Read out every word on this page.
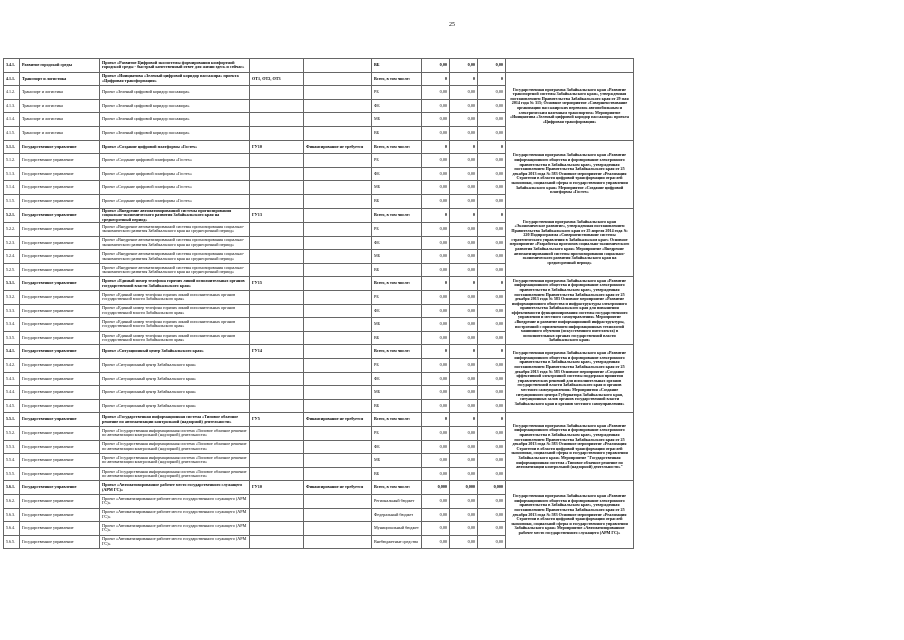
25
3.4.1.	Развитие городской среды	Проект «Развитие Цифровой экосистемы формирования комфортной городской среды - быстрый качественный ответ для жизни здесь и сейчас»			ВБ	0,00	0,00	0,00	
4.1.1.	Транспорт и логистика	Проект «Инициатива «Зеленый цифровой коридор пассажира» проекта «Цифровая трансформация»	ОТ1, ОТ2, ОТ3		Всего, в том числе:	0	0	0	Государственная программа Забайкальского края «Развитие транспортной системы Забайкальского края», утвержденная постановлением Правительства Забайкальского края от 29 мая 2014 года № 315; Основное мероприятие «Совершенствование организации пассажирских перевозок автомобильным и электрическим наземным транспортом» Мероприятие «Инициатива «Зеленый цифровой коридор пассажира» проекта «Цифровая трансформация»
4.1.2.	Транспорт и логистика	Проект «Зеленый цифровой коридор пассажира»			РБ	0,00	0,00	0,00	
4.1.3.	Транспорт и логистика	Проект «Зеленый цифровой коридор пассажира»			ФБ	0,00	0,00	0,00	
4.1.4.	Транспорт и логистика	Проект «Зеленый цифровой коридор пассажира»			МБ	0,00	0,00	0,00	
4.1.5.	Транспорт и логистика	Проект «Зеленый цифровой коридор пассажира»			ВБ	0,00	0,00	0,00	
5.1.1.	Государственное управление	Проект «Создание цифровой платформы «Гостех»	ГУ10	Финансирование не требуется	Всего, в том числе:	0	0	0	Государственная программа Забайкальского края «Развитие информационного общества и формирование электронного правительства в Забайкальском крае», утвержденная постановлением Правительства Забайкальского края от 25 декабря 2013 года № 583 Основное мероприятие «Реализация Стратегии в области цифровой трансформации отраслей экономики, социальной сферы и государственного управления Забайкальского края» Мероприятие «Создание цифровой платформы «Гостех»
5.1.2.	Государственное управление	Проект «Создание цифровой платформы «Гостех»			РБ	0,00	0,00	0,00	
5.1.3.	Государственное управление	Проект «Создание цифровой платформы «Гостех»			ФБ	0,00	0,00	0,00	
5.1.4.	Государственное управление	Проект «Создание цифровой платформы «Гостех»			МБ	0,00	0,00	0,00	
5.1.5.	Государственное управление	Проект «Создание цифровой платформы «Гостех»			ВБ	0,00	0,00	0,00	
5.2.1.	Государственное управление	Проект «Внедрение автоматизированной системы прогнозирования социально-экономического развития Забайкальского края на среднесрочный период»	ГУ13		Всего, в том числе:	0	0	0	Государственная программа Забайкальского края «Экономическое развитие», утвержденная постановлением Правительства Забайкальского края от 25 апреля 2014 года № 220 Подпрограмма «Совершенствование системы стратегического управления в Забайкальском крае» Основное мероприятие «Разработка прогнозов социально-экономического развития Забайкальского края» Мероприятие «Внедрение автоматизированной системы прогнозирования социально-экономического развития Забайкальского края на среднесрочный период»
5.2.2.	Государственное управление	Проект «Внедрение автоматизированной системы прогнозирования социально-экономического развития Забайкальского края на среднесрочный период»			РБ	0,00	0,00	0,00	
5.2.3.	Государственное управление	Проект «Внедрение автоматизированной системы прогнозирования социально-экономического развития Забайкальского края на среднесрочный период»			ФБ	0,00	0,00	0,00	
5.2.4.	Государственное управление	Проект «Внедрение автоматизированной системы прогнозирования социально-экономического развития Забайкальского края на среднесрочный период»			МБ	0,00	0,00	0,00	
5.2.5.	Государственное управление	Проект «Внедрение автоматизированной системы прогнозирования социально-экономического развития Забайкальского края на среднесрочный период»			ВБ	0,00	0,00	0,00	
5.3.1.	Государственное управление	Проект «Единый номер телефона горячих линий исполнительных органов государственной власти Забайкальского края»	ГУ15		Всего, в том числе:	0	0	0	Государственная программа Забайкальского края «Развитие информационного общества и формирование электронного правительства в Забайкальском крае», утвержденная постановлением Правительства Забайкальского края от 25 декабря 2013 года № 583 Основное мероприятие «Развитие информационного общества и инфраструктуры электронного правительства Забайкальского края для повышения эффективности функционирования системы государственного управления и местного самоуправления» Мероприятие «Внедрение и развитие информационной инфраструктуры, построенной с применением информационных технологий машинного обучения (искусственного интеллекта) в исполнительных органах государственной власти Забайкальского края»
5.3.2.	Государственное управление	Проект «Единый номер телефона горячих линий исполнительных органов государственной власти Забайкальского края»			РБ	0,00	0,00	0,00	
5.3.3.	Государственное управление	Проект «Единый номер телефона горячих линий исполнительных органов государственной власти Забайкальского края»			ФБ	0,00	0,00	0,00	
5.3.4.	Государственное управление	Проект «Единый номер телефона горячих линий исполнительных органов государственной власти Забайкальского края»			МБ	0,00	0,00	0,00	
5.3.5.	Государственное управление	Проект «Единый номер телефона горячих линий исполнительных органов государственной власти Забайкальского края»			ВБ	0,00	0,00	0,00	
5.4.1.	Государственное управление	Проект «Ситуационный центр Забайкальского края»	ГУ14		Всего, в том числе:	0	0	0	Государственная программа Забайкальского края «Развитие информационного общества и формирование электронного правительства в Забайкальском крае», утвержденная постановлением Правительства Забайкальского края от 25 декабря 2013 года № 583 Основное мероприятие «Создание эффективной электронной системы поддержки принятия управленческих решений для исполнительных органов государственной власти Забайкальского края и органов местного самоуправления» Мероприятия «Создание ситуационного центра Губернатора Забайкальского края, ситуационных залов органов государственной власти Забайкальского края и органов местного самоуправления»
5.4.2.	Государственное управление	Проект «Ситуационный центр Забайкальского края»			РБ	0,00	0,00	0,00	
5.4.3.	Государственное управление	Проект «Ситуационный центр Забайкальского края»			ФБ	0,00	0,00	0,00	
5.4.4.	Государственное управление	Проект «Ситуационный центр Забайкальского края»			МБ	0,00	0,00	0,00	
5.4.5.	Государственное управление	Проект «Ситуационный центр Забайкальского края»			ВБ	0,00	0,00	0,00	
5.5.1.	Государственное управление	Проект «Государственная информационная система «Типовое облачное решение по автоматизации контрольной (надзорной) деятельности»	ГУ5	Финансирование не требуется	Всего, в том числе:	0	0	0	Государственная программа Забайкальского края «Развитие информационного общества и формирование электронного правительства в Забайкальском крае», утвержденная постановлением Правительства Забайкальского края от 25 декабря 2013 года № 583 Основное мероприятие «Реализация Стратегии в области цифровой трансформации отраслей экономики, социальной сферы и государственного управления Забайкальского края» Мероприятие "Государственная информационная система «Типовое облачное решение по автоматизации контрольной (надзорной) деятельности»"
5.5.2.	Государственное управление	Проект «Государственная информационная система «Типовое облачное решение по автоматизации контрольной (надзорной) деятельности»			РБ	0,00	0,00	0,00	
5.5.3.	Государственное управление	Проект «Государственная информационная система «Типовое облачное решение по автоматизации контрольной (надзорной) деятельности»			ФБ	0,00	0,00	0,00	
5.5.4.	Государственное управление	Проект «Государственная информационная система «Типовое облачное решение по автоматизации контрольной (надзорной) деятельности»			МБ	0,00	0,00	0,00	
5.5.5.	Государственное управление	Проект «Государственная информационная система «Типовое облачное решение по автоматизации контрольной (надзорной) деятельности»			ВБ	0,00	0,00	0,00	
5.6.1.	Государственное управление	Проект «Автоматизированное рабочее место государственного служащего (АРМ ГС)»	ГУ10	Финансирование не требуется	Всего, в том числе:	0,000	0,000	0,000	Государственная программа Забайкальского края «Развитие информационного общества и формирование электронного правительства в Забайкальском крае», утвержденная постановлением Правительства Забайкальского края от 25 декабря 2013 года № 583 Основное мероприятие «Реализация Стратегии в области цифровой трансформации отраслей экономики, социальной сферы и государственного управления Забайкальского края» Мероприятие «Автоматизированное рабочее место государственного служащего (АРМ ГС)»
5.6.2.	Государственное управление	Проект «Автоматизированное рабочее место государственного служащего (АРМ ГС)»			Региональный бюджет	0,00	0,00	0,00	
5.6.3.	Государственное управление	Проект «Автоматизированное рабочее место государственного служащего (АРМ ГС)»			Федеральный бюджет	0,00	0,00	0,00	
5.6.4.	Государственное управление	Проект «Автоматизированное рабочее место государственного служащего (АРМ ГС)»			Муниципальный бюджет	0,00	0,00	0,00	
5.6.5.	Государственное управление	Проект «Автоматизированное рабочее место государственного служащего (АРМ ГС)»			Внебюджетные средства	0,00	0,00	0,00	
